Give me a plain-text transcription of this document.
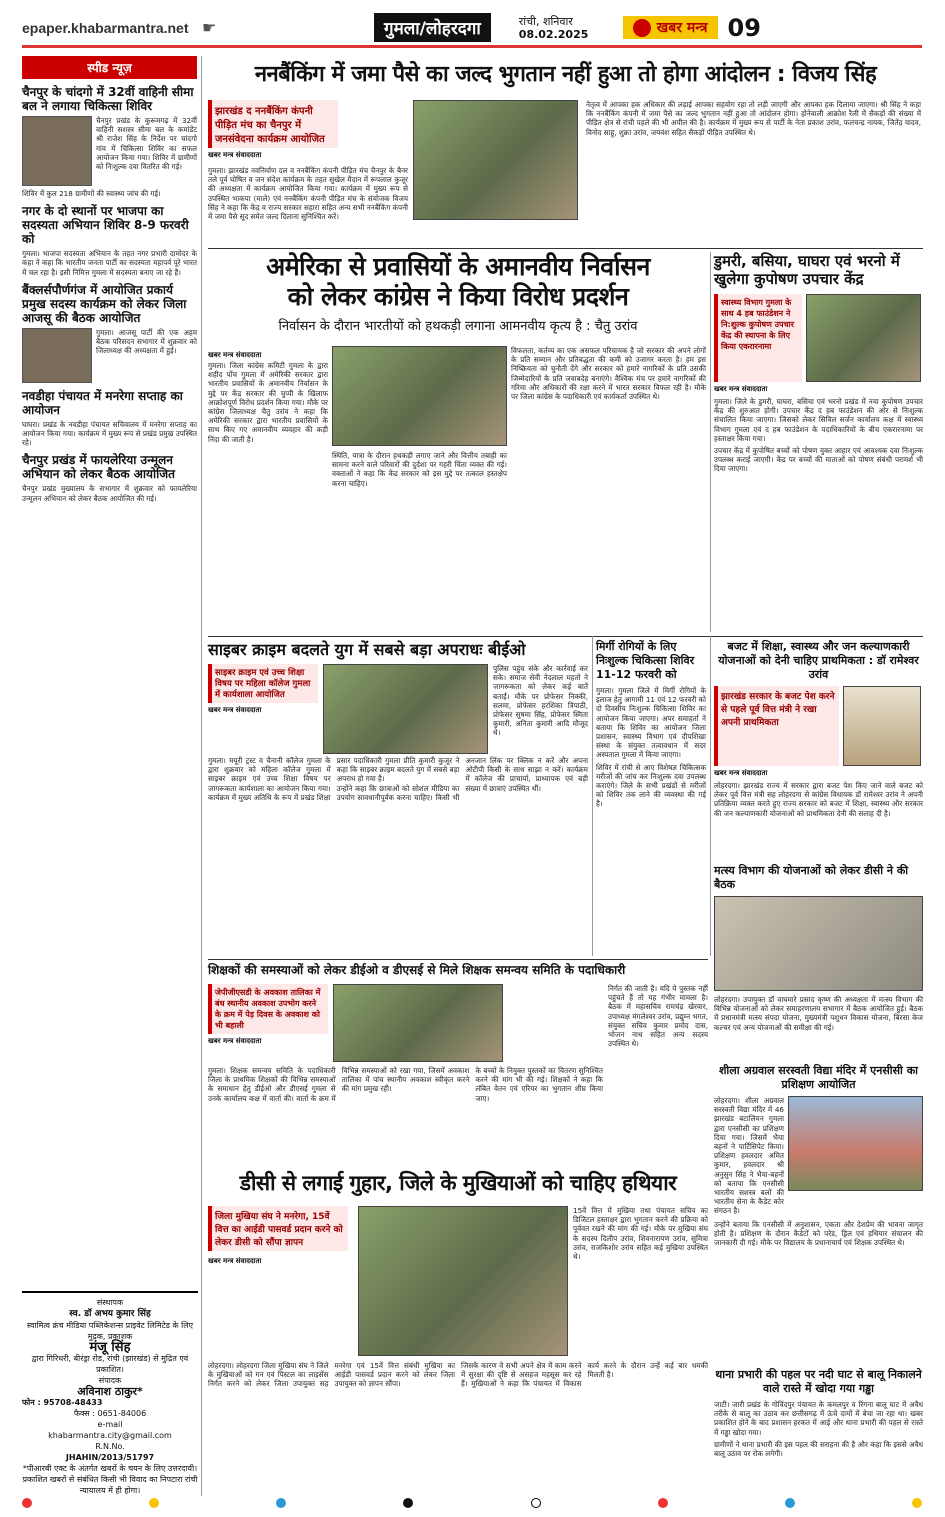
epaper.khabarmantra.net ☛	गुमला/लोहरदगा	रांची, शनिवार
08.02.2025	खबर मन्त्र 09
स्पीड न्यूज़
चैनपुर के चांदगो में 32वीं वाहिनी सीमा बल ने लगाया चिकित्सा शिविर

चैनपुर प्रखंड के कुरूमगढ़ में 32वीं वाहिनी सशस्त्र सीमा बल के कमांडेंट श्री राजेश सिंह के निर्देश पर चांदगो गांव में चिकित्सा शिविर का सफल आयोजन किया गया। शिविर में ग्रामीणों को निःशुल्क दवा वितरित की गई।

शिविर में कुल 218 ग्रामीणों की स्वास्थ्य जांच की गई।

नगर के दो स्थानों पर भाजपा का सदस्यता अभियान शिविर 8-9 फरवरी को

गुमला। भाजपा सदस्यता अभियान के तहत नगर प्रभारी दामोदर के कहा ने कहा कि भारतीय जनता पार्टी का सदस्यता महापर्व पूरे भारत में चल रहा है। इसी निमित्त गुमला में सदस्यता बनाए जा रहे हैं।

बैंक्लर्सपौर्णगंज में आयोजित प्रकार्य प्रमुख सदस्य कार्यक्रम को लेकर जिला आजसू की बैठक आयोजित

गुमला। आजसू पार्टी की एक अहम बैठक परिसदन सभागार में शुक्रवार को जिलाध्यक्ष की अध्यक्षता में हुई।

नवडीहा पंचायत में मनरेगा सप्ताह का आयोजन

घाघरा। प्रखंड के नवडीहा पंचायत सचिवालय में मनरेगा सप्ताह का आयोजन किया गया। कार्यक्रम में मुख्य रूप से प्रखंड प्रमुख उपस्थित रहे।

चैनपुर प्रखंड में फायलेरिया उन्मूलन अभियान को लेकर बैठक आयोजित

चैनपुर प्रखंड मुख्यालय के सभागार में शुक्रवार को फायलेरिया उन्मूलन अभियान को लेकर बैठक आयोजित की गई।

संस्थापक
स्व. डॉ अभय कुमार सिंह
स्वामित्व क्रंच मीडिया पब्लिकेशन्स प्राइवेट लिमिटेड के लिए
मुद्रक, प्रकाशक
मंजू सिंह
द्वारा गिरिधरी, बीरंड्रा रोड, रांची (झारखंड) से मुद्रित एवं प्रकाशित।
संपादक
अविनाश ठाकुर*
फोन : 95708-48433
फैक्स : 0651-84006
e-mail
khabarmantra.city@gmail.com
R.N.No.
JHAHIN/2013/51797
*पीआरबी एक्ट के अंतर्गत खबरों के चयन के लिए उत्तरदायी। प्रकाशित खबरों से संबंधित किसी भी विवाद का निपटारा रांची न्यायालय में ही होगा।
ननबैंकिंग में जमा पैसे का जल्द भुगतान नहीं हुआ तो होगा आंदोलन : विजय सिंह
झारखंड द ननबैंकिंग कंपनी पीड़ित मंच का चैनपुर में जनसंवेदना कार्यक्रम आयोजित
खबर मन्त्र संवाददाता

गुमला। झारखंड नवनिर्माण दल व ननबैंकिंग कंपनी पीड़ित मंच चैनपुर के बैनर तले पूर्व घोषित व जन संदेश कार्यक्रम के तहत सुखेल मैदान में रूपलाल कुजूर की अध्यक्षता में कार्यक्रम आयोजित किया गया। कार्यक्रम में मुख्य रूप से उपस्थित भाकपा (माले) एवं ननबैंकिंग कंपनी पीड़ित मंच के संयोजक विजय सिंह ने कहा कि केंद्र व राज्य सरकार सहारा सहित अन्य सभी ननबैंकिंग कंपनी में जमा पैसे सूद समेत जल्द दिलाना सुनिश्चित करें।

नेतृत्व में आपका हक अधिकार की लड़ाई आपका सहयोग रहा तो लड़ी जाएगी और आपका हक दिलाया जाएगा। श्री सिंह ने कहा कि ननबैंकिंग कंपनी में जमा पैसे का जल्द भुगतान नहीं हुआ तो आंदोलन होगा। होनेवाली आक्रोश रैली में सैकड़ों की संख्या में पीड़ित क्षेत्र से रांची पहले की भी अपील की है। कार्यक्रम में मुख्य रूप से पार्टी के नेता प्रकाश उरांव, फलचन्द्र नायक, जितेंद्र यादव, विनोद साहू, शुक्रा उरांव, जयवंश सहित सैकड़ों पीड़ित उपस्थित थे।

अमेरिका से प्रवासियों के अमानवीय निर्वासन
को लेकर कांग्रेस ने किया विरोध प्रदर्शन
निर्वासन के दौरान भारतीयों को हथकड़ी लगाना आमनवीय कृत्य है : चैतु उरांव
खबर मन्त्र संवाददाता

गुमला। जिला कांग्रेस कमिटी गुमला के द्वारा शहीद पोंच गुमला में अमेरिकी सरकार द्वारा भारतीय प्रवासियों के अमानवीय निर्वासन के मुद्दे पर केंद्र सरकार की चुप्पी के खिलाफ आक्रोशपूर्ण विरोध प्रदर्शन किया गया। मौके पर कांग्रेस जिलाध्यक्ष चैतु उरांव ने कहा कि अमेरिकी सरकार द्वारा भारतीय प्रवासियों के साथ किए गए अमानवीय व्यवहार की कड़ी निंदा की जाती है।

स्थिति, यात्रा के दौरान हथकड़ी लगाए जाने और वित्तीय तबाही का सामना करने वाले परिवारों की दुर्दशा पर गहरी चिंता व्यक्त की गई। वक्ताओं ने कहा कि केंद्र सरकार को इस मुद्दे पर तत्काल हस्तक्षेप करना चाहिए।

विफलता, कर्तव्य का एक असफल परिचायक है जो सरकार की अपने लोगों के प्रति सम्मान और प्रतिबद्धता की कमी को उजागर करता है। हम इस निष्क्रियता को चुनौती देंगे और सरकार को हमारे नागरिकों के प्रति उसकी जिम्मेदारियों के प्रति जवाबदेह बनाएंगे। वैश्विक मंच पर हमारे नागरिकों की गरिमा और अधिकारों की रक्षा करने में भारत सरकार विफल रही है। मौके पर जिला कांग्रेस के पदाधिकारी एवं कार्यकर्ता उपस्थित थे।

डुमरी, बसिया, घाघरा एवं भरनो में खुलेगा कुपोषण उपचार केंद्र
स्वास्थ्य विभाग गुमला के साथ 4 हब फाउंडेशन ने नि:शुल्क कुपोषण उपचार केंद्र की स्थापना के लिए किया एकरारनामा
खबर मन्त्र संवाददाता

गुमला। जिले के डुमरी, घाघरा, बसिया एवं भरनो प्रखंड में नया कुपोषण उपचार केंद्र की शुरुआत होगी। उपचार केंद्र द हब फाउंडेशन की ओर से निःशुल्क संचालित किया जाएगा। जिसको लेकर सिविल सर्जन कार्यालय कक्ष में स्वास्थ्य विभाग गुमला एवं द हब फाउंडेशन के पदाधिकारियों के बीच एकरारनामा पर हस्ताक्षर किया गया।

उपचार केंद्र में कुपोषित बच्चों को पोषण युक्त आहार एवं आवश्यक दवा निःशुल्क उपलब्ध कराई जाएगी। केंद्र पर बच्चों की माताओं को पोषण संबंधी परामर्श भी दिया जाएगा।

साइबर क्राइम बदलते युग में सबसे बड़ा अपराधः बीईओ
साइबर क्राइम एवं उच्च शिक्षा विषय पर महिला कॉलेज गुमला में कार्यशाला आयोजित
खबर मन्त्र संवाददाता

गुमला। मयूरी ट्रस्ट व चैनानी कॉलेज गुमला के द्वारा शुक्रवार को महिला कॉलेज गुमला में साइबर क्राइम एवं उच्च शिक्षा विषय पर जागरूकता कार्यशाला का आयोजन किया गया। कार्यक्रम में मुख्य अतिथि के रूप में प्रखंड शिक्षा प्रसार पदाधिकारी गुमला प्रीति कुमारी कुजूर ने कहा कि साइबर क्राइम बदलते युग में सबसे बड़ा अपराध हो गया है।

उन्होंने कहा कि छात्राओं को सोशल मीडिया का उपयोग सावधानीपूर्वक करना चाहिए। किसी भी अनजान लिंक पर क्लिक न करें और अपना ओटीपी किसी के साथ साझा न करें। कार्यक्रम में कॉलेज की प्राचार्या, प्राध्यापक एवं बड़ी संख्या में छात्राएं उपस्थित थीं।

पुलिस पहुंच संके और कार्रवाई कर सके। समाज सेवी नेदलाल महतो ने जागरूकता को लेकर कई बातें बताईं। मौके पर प्रोफेसर निक्की, सलमा, प्रोफेसर हरशिका त्रिपाठी, प्रोफेसर सुषमा सिंह, प्रोफेसर स्मिता कुमारी, अनिता कुमारी आदि मौजूद थे।

मिर्गी रोगियों के लिए निःशुल्क चिकित्सा शिविर 11-12 फरवरी को

गुमला। गुमला जिले में मिर्गी रोगियों के इलाज हेतु आगामी 11 एवं 12 फरवरी को दो दिवसीय निःशुल्क चिकित्सा शिविर का आयोजन किया जाएगा। अपर समाहर्ता ने बताया कि शिविर का आयोजन जिला प्रशासन, स्वास्थ्य विभाग एवं दीपशिखा संस्था के संयुक्त तत्वावधान में सदर अस्पताल गुमला में किया जाएगा।

शिविर में रांची से आए विशेषज्ञ चिकित्सक मरीजों की जांच कर निःशुल्क दवा उपलब्ध कराएंगे। जिले के सभी प्रखंडों से मरीजों को शिविर तक लाने की व्यवस्था की गई है।

बजट में शिक्षा, स्वास्थ्य और जन कल्याणकारी योजनाओं को देनी चाहिए प्राथमिकता : डॉ रामेश्वर उरांव
झारखंड सरकार के बजट पेश करने से पहले पूर्व वित्त मंत्री ने रखा अपनी प्राथमिकता
खबर मन्त्र संवाददाता

लोहरदगा। झारखंड राज्य में सरकार द्वारा बजट पेश किए जाने वाले बजट को लेकर पूर्व वित्त मंत्री सह लोहरदगा से कांग्रेस विधायक डॉ रामेश्वर उरांव ने अपनी प्रतिक्रिया व्यक्त करते हुए राज्य सरकार को बजट में शिक्षा, स्वास्थ्य और सरकार की जन कल्याणकारी योजनाओं को प्राथमिकता देनी की सलाह दी है।

मत्स्य विभाग की योजनाओं को लेकर डीसी ने की बैठक

लोहरदगा। उपायुक्त डॉ वाघमारे प्रसाद कृष्ण की अध्यक्षता में मत्स्य विभाग की विभिन्न योजनाओं को लेकर समाहरणालय सभागार में बैठक आयोजित हुई। बैठक में प्रधानमंत्री मत्स्य संपदा योजना, मुख्यमंत्री पशुधन विकास योजना, बिरसा केज कल्चर एवं अन्य योजनाओं की समीक्षा की गई।

शिक्षकों की समस्याओं को लेकर डीईओ व डीएसई से मिले शिक्षक समन्वय समिति के पदाधिकारी
जेपीजीएसडी के अवकाश तालिका में बंध स्थानीय अवकाश उपभोग करने के क्रम में पेड़ दिवस के अवकाश को भी बहाली
खबर मन्त्र संवाददाता

गुमला। शिक्षक समन्वय समिति के पदाधिकारी जिला के प्राथमिक शिक्षकों की विभिन्न समस्याओं के समाधान हेतु डीईओ और डीएसई गुमला से उनके कार्यालय कक्ष में वार्ता की। वार्ता के क्रम में विभिन्न समस्याओं को रखा गया, जिसमें अवकाश तालिका में पांच स्थानीय अवकाश स्वीकृत करने की मांग प्रमुख रही।

के बच्चों के नियुक्त पुस्तकों का वितरण सुनिश्चित करने की मांग भी की गई। शिक्षकों ने कहा कि लंबित वेतन एवं एरियर का भुगतान शीघ्र किया जाए।

निर्गत की जाती है। यदि ये पुस्तक नहीं पहुंचते हैं तो यह गंभीर मामला है। बैठक में महासचिव रामचंद्र खेरवार, उपाध्यक्ष मंगलेश्वर उरांव, प्रद्युम्न भगत, संयुक्त सचिव कुमार प्रमोद दास, भोजन नाथ सहित अन्य सदस्य उपस्थित थे।

शीला अग्रवाल सरस्वती विद्या मंदिर में एनसीसी का प्रशिक्षण आयोजित

लोहरदगा। शीला अग्रवाल सरस्वती विद्या मंदिर में 46 झारखंड बटालियन गुमला द्वारा एनसीसी का प्रशिक्षण दिया गया। जिसमें भैया बहनों ने पार्टिसिपेट किया। प्रशिक्षण हवलदार अमित कुमार, हवलदार श्री अनुसुन सिंह ने भैया-बहनों को बताया कि एनसीसी भारतीय सशस्त्र बलों की भारतीय सेना के कैडेट कोर संगठन है।

उन्होंने बताया कि एनसीसी में अनुशासन, एकता और देशप्रेम की भावना जागृत होती है। प्रशिक्षण के दौरान कैडेटों को परेड, ड्रिल एवं हथियार संचालन की जानकारी दी गई। मौके पर विद्यालय के प्रधानाचार्य एवं शिक्षक उपस्थित थे।

डीसी से लगाई गुहार, जिले के मुखियाओं को चाहिए हथियार
जिला मुखिया संघ ने मनरेगा, 15वें वित्त का आईडी पासवर्ड प्रदान करने को लेकर डीसी को सौंपा ज्ञापन
खबर मन्त्र संवाददाता

15वें वित्त में मुखिया तथा पंचायत सचिव का डिजिटल हस्ताक्षर द्वारा भुगतान करने की प्रक्रिया को पूर्ववत रखने की मांग की गई। मौके पर मुखिया संघ के सदस्य दिलीप उरांव, शिवनारायण उरांव, सुमित्रा उरांव, राजकिशोर उरांव सहित कई मुखिया उपस्थित थे।

लोहरदगा। लोहरदगा जिला मुखिया संघ ने जिले के मुखियाओं को गन एवं पिस्टल का लाइसेंस निर्गत करने को लेकर जिला उपायुक्त सह मनरेगा एवं 15वें वित्त संबंधी मुखिया का आईडी पासवर्ड प्रदान करने को लेकर जिला उपायुक्त को ज्ञापन सौंपा।

जिसके कारण वे सभी अपने क्षेत्र में काम करने में सुरक्षा की दृष्टि से असहज महसूस कर रहे हैं। मुखियाओं ने कहा कि पंचायत में विकास कार्य करने के दौरान उन्हें कई बार धमकी मिलती है।	थाना प्रभारी की पहल पर नदी घाट से बालू निकालने वाले रास्ते में खोदा गया गड्ढा

जाटी। जारी प्रखंड के गोविंदपुर पंचायत के कमलपुर व रिंगना बालू घाट में अवैध तरीके से बालू का उठाव कर छत्तीसगढ़ में ऊंचे दामों में बेचा जा रहा था। खबर प्रकाशित होने के बाद प्रशासन हरकत में आई और थाना प्रभारी की पहल से रास्ते में गड्ढा खोदा गया।

ग्रामीणों ने थाना प्रभारी की इस पहल की सराहना की है और कहा कि इससे अवैध बालू उठाव पर रोक लगेगी।
